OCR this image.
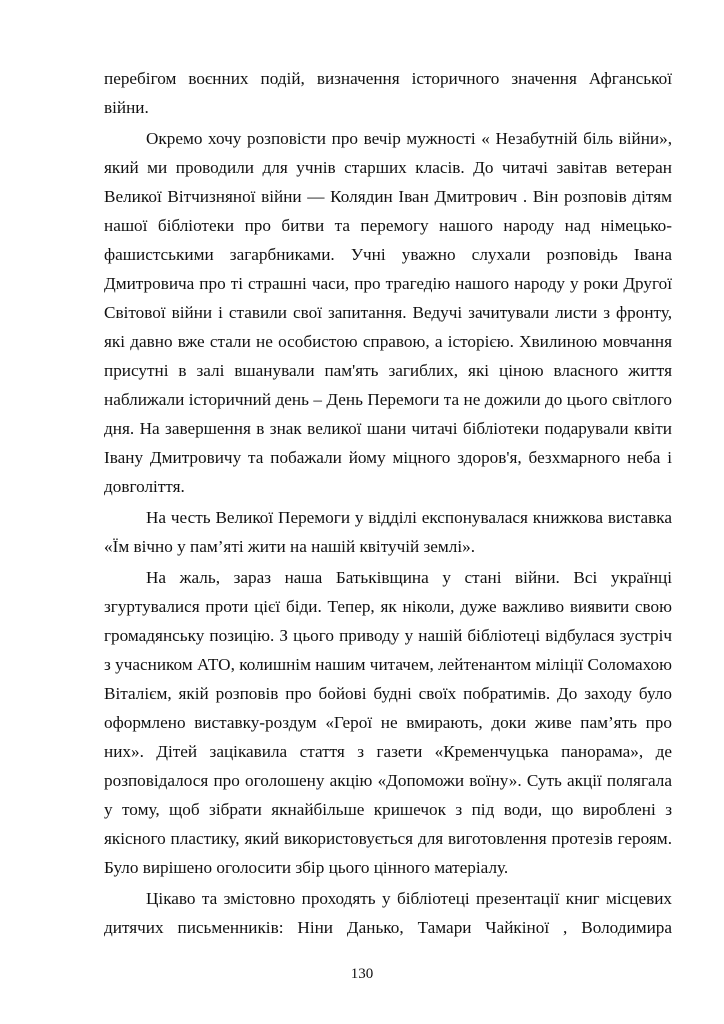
перебігом воєнних подій, визначення історичного значення Афганської війни.

Окремо хочу розповісти про вечір мужності « Незабутній біль війни», який ми проводили для учнів старших класів. До читачі завітав ветеран Великої Вітчизняної війни — Колядин Іван Дмитрович . Він розповів дітям нашої бібліотеки про битви та перемогу нашого народу над німецько-фашистськими загарбниками. Учні уважно слухали розповідь Івана Дмитровича про ті страшні часи, про трагедію нашого народу у роки Другої Світової війни і ставили свої запитання. Ведучі зачитували листи з фронту, які давно вже стали не особистою справою, а історією. Хвилиною мовчання присутні в залі вшанували пам'ять загиблих, які ціною власного життя наближали історичний день – День Перемоги та не дожили до цього світлого дня. На завершення в знак великої шани читачі бібліотеки подарували квіти Івану Дмитровичу та побажали йому міцного здоров'я, безхмарного неба і довголіття.

На честь Великої Перемоги у відділі експонувалася книжкова виставка «Їм вічно у пам’яті жити на нашій квітучій землі».

На жаль, зараз наша Батьківщина у стані війни. Всі українці згуртувалися проти цієї біди. Тепер, як ніколи, дуже важливо виявити свою громадянську позицію. З цього приводу у нашій бібліотеці відбулася зустріч з учасником АТО, колишнім нашим читачем, лейтенантом міліції Соломахою Віталієм, якій розповів про бойові будні своїх побратимів. До заходу було оформлено виставку-роздум «Герої не вмирають, доки живе пам’ять про них». Дітей зацікавила стаття з газети «Кременчуцька панорама», де розповідалося про оголошену акцію «Допоможи воїну». Суть акції полягала у тому, щоб зібрати якнайбільше кришечок з під води, що вироблені з якісного пластику, який використовується для виготовлення протезів героям. Було вирішено оголосити збір цього цінного матеріалу.

Цікаво та змістовно проходять у бібліотеці презентації книг місцевих дитячих письменників: Ніни Данько, Тамари Чайкіної , Володимира

130
